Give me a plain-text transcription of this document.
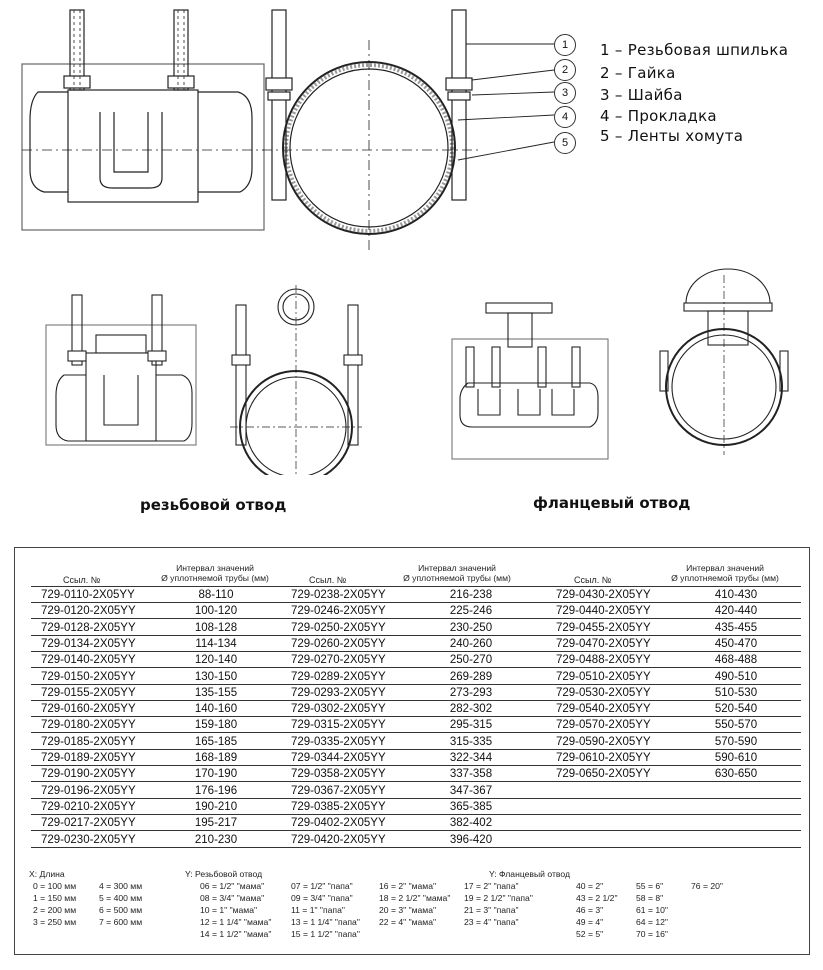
1
2
3
4
5
1 – Резьбовая шпилька
2 – Гайка
3 – Шайба
4 – Прокладка
5 – Ленты хомута
резьбовой отвод	фланцевый отвод
Ссыл. №
Интервал значений
Ø уплотняемой трубы (мм)	Ссыл. №
Интервал значений
Ø уплотняемой трубы (мм)	Ссыл. №
Интервал значений
Ø уплотняемой трубы (мм)
729-0110-2X05YY	88-110	729-0238-2X05YY	216-238	729-0430-2X05YY	410-430
729-0120-2X05YY	100-120	729-0246-2X05YY	225-246	729-0440-2X05YY	420-440
729-0128-2X05YY	108-128	729-0250-2X05YY	230-250	729-0455-2X05YY	435-455
729-0134-2X05YY	114-134	729-0260-2X05YY	240-260	729-0470-2X05YY	450-470
729-0140-2X05YY	120-140	729-0270-2X05YY	250-270	729-0488-2X05YY	468-488
729-0150-2X05YY	130-150	729-0289-2X05YY	269-289	729-0510-2X05YY	490-510
729-0155-2X05YY	135-155	729-0293-2X05YY	273-293	729-0530-2X05YY	510-530
729-0160-2X05YY	140-160	729-0302-2X05YY	282-302	729-0540-2X05YY	520-540
729-0180-2X05YY	159-180	729-0315-2X05YY	295-315	729-0570-2X05YY	550-570
729-0185-2X05YY	165-185	729-0335-2X05YY	315-335	729-0590-2X05YY	570-590
729-0189-2X05YY	168-189	729-0344-2X05YY	322-344	729-0610-2X05YY	590-610
729-0190-2X05YY	170-190	729-0358-2X05YY	337-358	729-0650-2X05YY	630-650
729-0196-2X05YY	176-196	729-0367-2X05YY	347-367
729-0210-2X05YY	190-210	729-0385-2X05YY	365-385
729-0217-2X05YY	195-217	729-0402-2X05YY	382-402
729-0230-2X05YY	210-230	729-0420-2X05YY	396-420
X: Длина
0 = 100 мм
1 = 150 мм
2 = 200 мм
3 = 250 мм
4 = 300 мм
5 = 400 мм
6 = 500 мм
7 = 600 мм
Y: Резьбовой отвод
06 = 1/2" "мама"
08 = 3/4" "мама"
10 = 1" "мама"
12 = 1 1/4" "мама"
14 = 1 1/2" "мама"
07 = 1/2" "папа"
09 = 3/4" "папа"
11 = 1" "папа"
13 = 1 1/4" "папа"
15 = 1 1/2" "папа"
16 = 2" "мама"
18 = 2 1/2" "мама"
20 = 3" "мама"
22 = 4" "мама"
Y: Фланцевый отвод
17 = 2" "папа"
19 = 2 1/2" "папа"
21 = 3" "папа"
23 = 4" "папа"
40 = 2"
43 = 2 1/2"
46 = 3"
49 = 4"
52 = 5"
55 = 6"
58 = 8"
61 = 10"
64 = 12"
70 = 16"
76 = 20"
